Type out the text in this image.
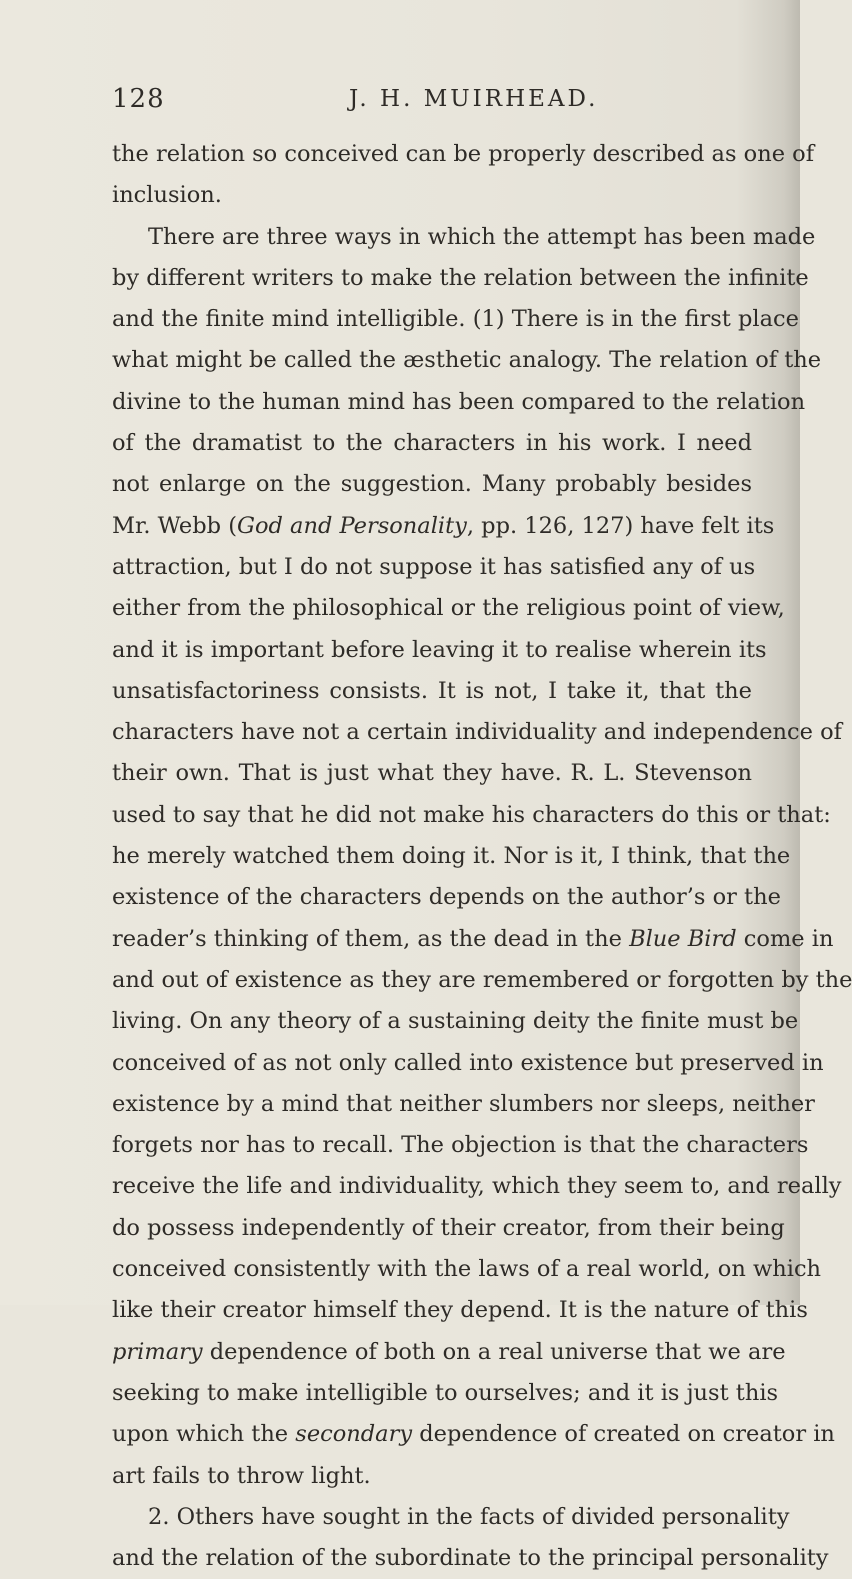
128	J. H. MUIRHEAD.
the relation so conceived can be properly described as one of
inclusion.
There are three ways in which the attempt has been made
by different writers to make the relation between the infinite
and the finite mind intelligible. (1) There is in the first place
what might be called the æsthetic analogy. The relation of the
divine to the human mind has been compared to the relation
of the dramatist to the characters in his work. I need
not enlarge on the suggestion. Many probably besides
Mr. Webb (God and Personality, pp. 126, 127) have felt its
attraction, but I do not suppose it has satisfied any of us
either from the philosophical or the religious point of view,
and it is important before leaving it to realise wherein its
unsatisfactoriness consists. It is not, I take it, that the
characters have not a certain individuality and independence of
their own. That is just what they have. R. L. Stevenson
used to say that he did not make his characters do this or that:
he merely watched them doing it. Nor is it, I think, that the
existence of the characters depends on the author’s or the
reader’s thinking of them, as the dead in the Blue Bird come in
and out of existence as they are remembered or forgotten by the
living. On any theory of a sustaining deity the finite must be
conceived of as not only called into existence but preserved in
existence by a mind that neither slumbers nor sleeps, neither
forgets nor has to recall. The objection is that the characters
receive the life and individuality, which they seem to, and really
do possess independently of their creator, from their being
conceived consistently with the laws of a real world, on which
like their creator himself they depend. It is the nature of this
primary dependence of both on a real universe that we are
seeking to make intelligible to ourselves; and it is just this
upon which the secondary dependence of created on creator in
art fails to throw light.
2. Others have sought in the facts of divided personality
and the relation of the subordinate to the principal personality
